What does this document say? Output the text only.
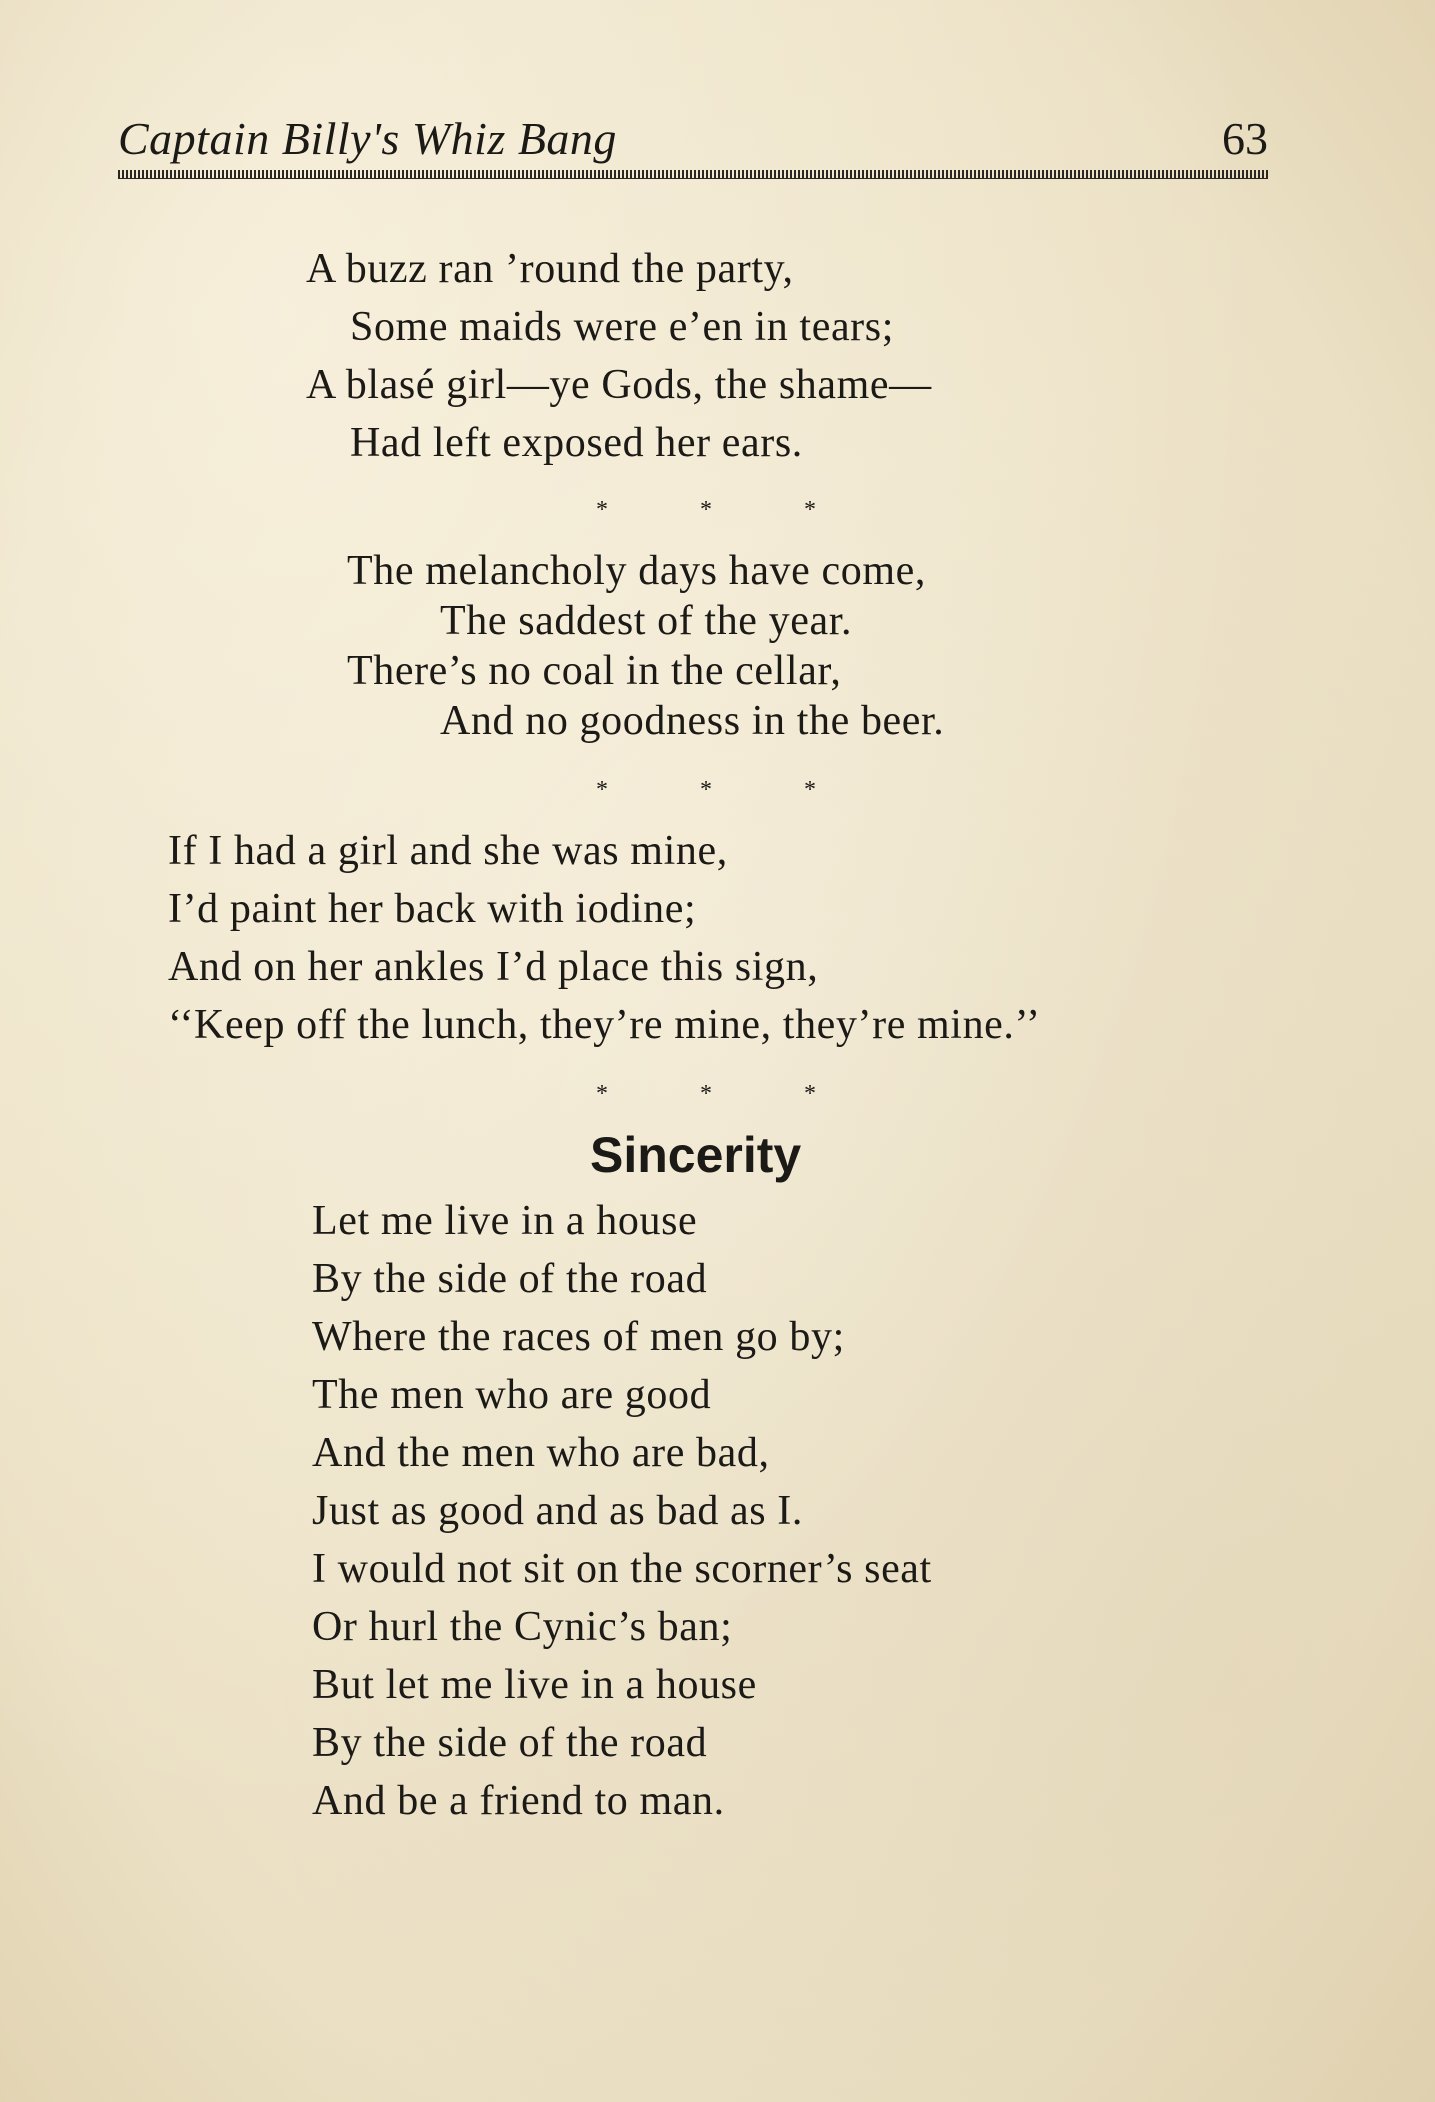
Captain Billy's Whiz Bang	63
A buzz ran ’round the party,
Some maids were e’en in tears;
A blasé girl—ye Gods, the shame—
Had left exposed her ears.
*	*	*
The melancholy days have come,
The saddest of the year.
There’s no coal in the cellar,
And no goodness in the beer.
*	*	*
If I had a girl and she was mine,
I’d paint her back with iodine;
And on her ankles I’d place this sign,
‘‘Keep off the lunch, they’re mine, they’re mine.’’
*	*	*
Sincerity
Let me live in a house
By the side of the road
Where the races of men go by;
The men who are good
And the men who are bad,
Just as good and as bad as I.
I would not sit on the scorner’s seat
Or hurl the Cynic’s ban;
But let me live in a house
By the side of the road
And be a friend to man.
